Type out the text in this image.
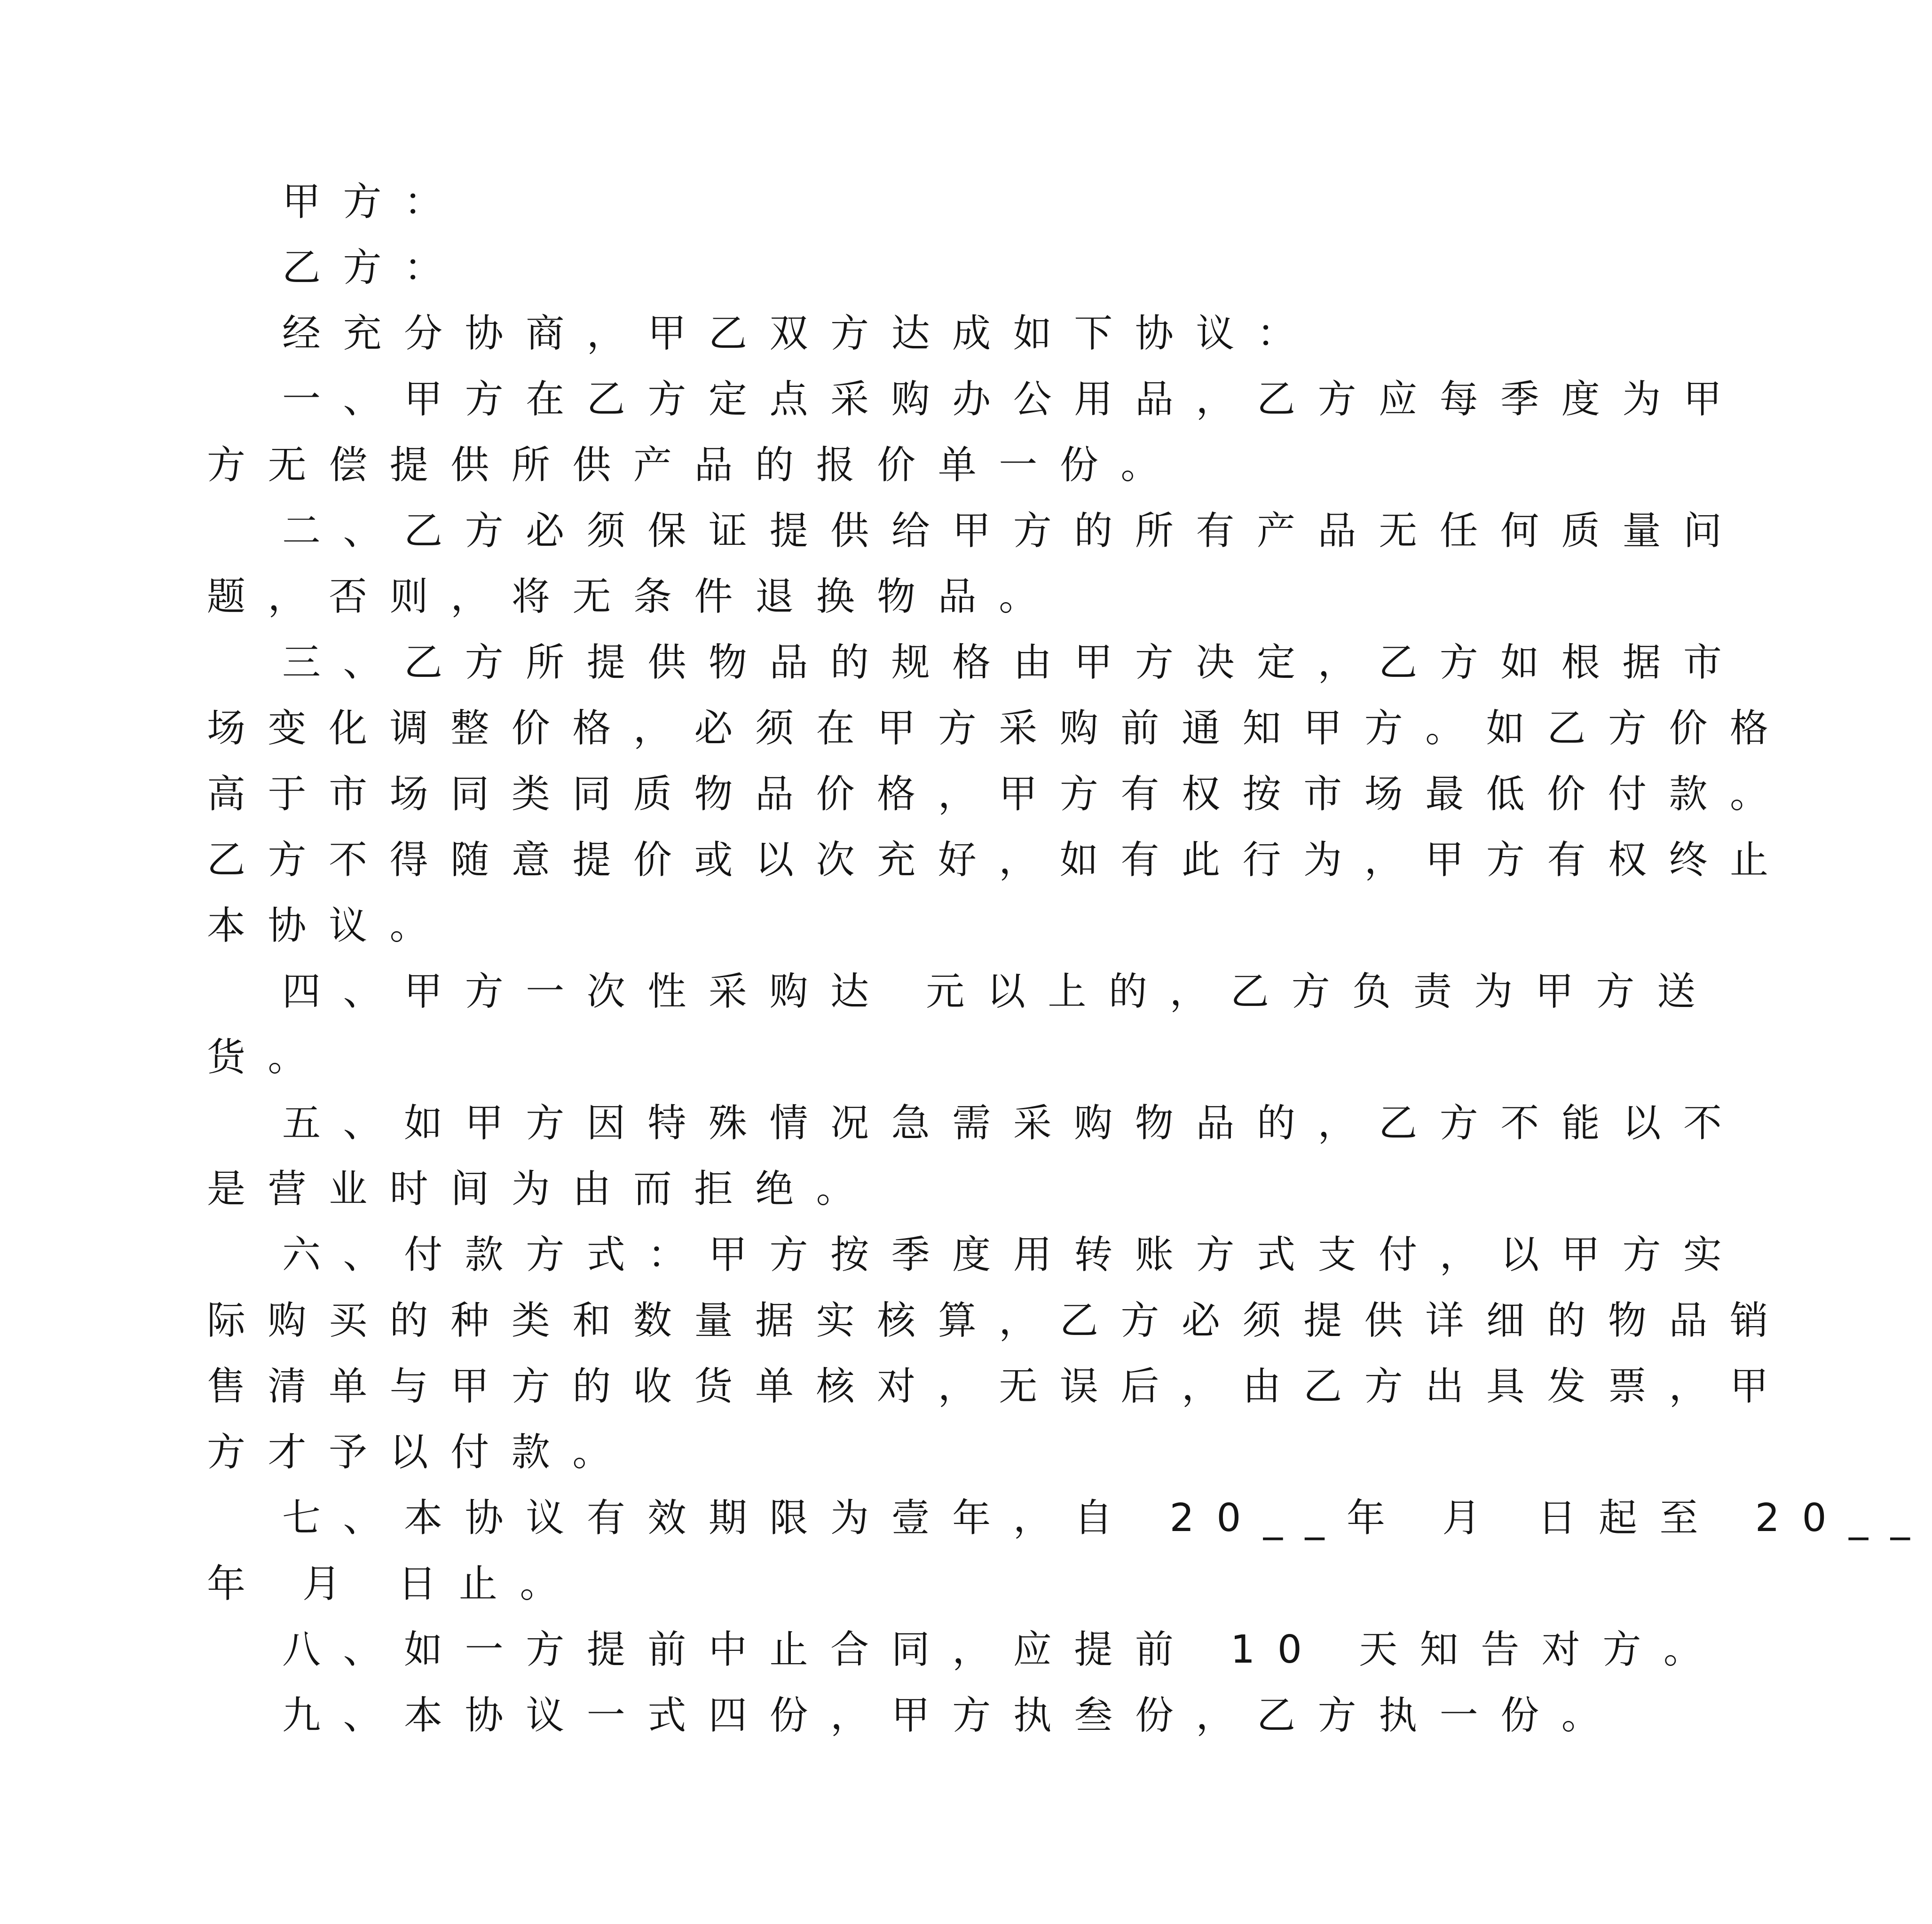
甲方：

乙方：

经充分协商，甲乙双方达成如下协议：

一、甲方在乙方定点采购办公用品，乙方应每季度为甲

方无偿提供所供产品的报价单一份。

二、乙方必须保证提供给甲方的所有产品无任何质量问

题，否则，将无条件退换物品。

三、乙方所提供物品的规格由甲方决定，乙方如根据市

场变化调整价格，必须在甲方采购前通知甲方。如乙方价格

高于市场同类同质物品价格，甲方有权按市场最低价付款。

乙方不得随意提价或以次充好，如有此行为，甲方有权终止

本协议。

四、甲方一次性采购达 元以上的，乙方负责为甲方送

货。

五、如甲方因特殊情况急需采购物品的，乙方不能以不

是营业时间为由而拒绝。

六、付款方式：甲方按季度用转账方式支付，以甲方实

际购买的种类和数量据实核算，乙方必须提供详细的物品销

售清单与甲方的收货单核对，无误后，由乙方出具发票，甲

方才予以付款。

七、本协议有效期限为壹年，自 20__年 月 日起至 20__

年 月 日止。

八、如一方提前中止合同，应提前 10 天知告对方。

九、本协议一式四份，甲方执叁份，乙方执一份。
